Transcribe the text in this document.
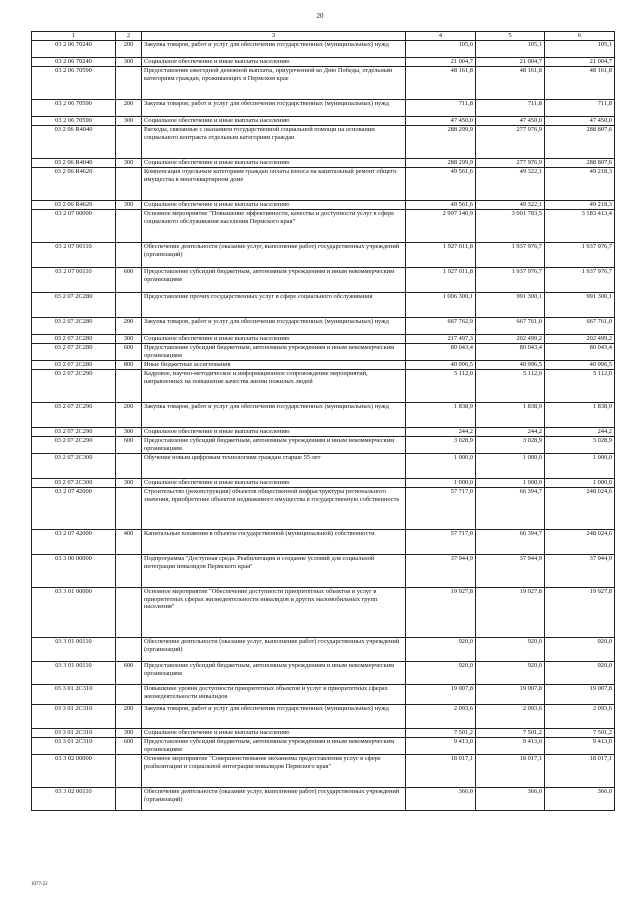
20
1	2	3	4	5	6
03 2 06 70240	200	Закупка товаров, работ и услуг для обеспечения государственных (муниципальных) нужд	105,0	105,1	105,1
03 2 06 70240	300	Социальное обеспечение и иные выплаты населению	21 004,7	21 004,7	21 004,7
03 2 06 70590		Предоставление ежегодной денежной выплаты, приуроченной ко Дню Победы, отдельным категориям граждан, проживающих в Пермском крае	48 161,8	48 161,8	48 161,8
03 2 06 70590	200	Закупка товаров, работ и услуг для обеспечения государственных (муниципальных) нужд	711,8	711,8	711,8
03 2 06 70590	300	Социальное обеспечение и иные выплаты населению	47 450,0	47 450,0	47 450,0
03 2 06 R4040		Расходы, связанные с оказанием государственной социальной помощи на основании социального контракта отдельным категориям граждан	288 299,9	277 976,9	288 807,6
03 2 06 R4040	300	Социальное обеспечение и иные выплаты населению	288 299,9	277 976,9	288 807,6
03 2 06 R4620		Компенсация отдельным категориям граждан оплаты взноса на капитальный ремонт общего имущества в многоквартирном доме	49 561,6	49 322,1	49 218,3
03 2 06 R4620	300	Социальное обеспечение и иные выплаты населению	49 561,6	49 322,1	49 218,3
03 2 07 00000		Основное мероприятие "Повышение эффективности, качества и доступности услуг в сфере социального обслуживания населения Пермского края"	2 997 140,9	3 001 783,5	3 183 413,4
03 2 07 00110		Обеспечение деятельности (оказание услуг, выполнение работ) государственных учреждений (организаций)	1 927 011,8	1 937 976,7	1 937 976,7
03 2 07 00110	600	Предоставление субсидий бюджетным, автономным учреждениям и иным некоммерческим организациям	1 927 011,8	1 937 976,7	1 937 976,7
03 2 07 2С280		Предоставление прочих государственных услуг в сфере социального обслуживания	1 006 300,1	991 300,1	991 300,1
03 2 07 2С280	200	Закупка товаров, работ и услуг для обеспечения государственных (муниципальных) нужд	667 762,9	667 761,0	667 761,0
03 2 07 2С280	300	Социальное обеспечение и иные выплаты населению	217 497,3	202 499,2	202 499,2
03 2 07 2С280	600	Предоставление субсидий бюджетным, автономным учреждениям и иным некоммерческим организациям	80 043,4	80 043,4	80 043,4
03 2 07 2С280	800	Иные бюджетные ассигнования	40 996,5	40 996,5	40 996,5
03 2 07 2С290		Кадровое, научно-методическое и информационное сопровождение мероприятий, направленных на повышение качества жизни пожилых людей	5 112,0	5 112,0	5 112,0
03 2 07 2С290	200	Закупка товаров, работ и услуг для обеспечения государственных (муниципальных) нужд	1 838,9	1 838,9	1 838,9
03 2 07 2С290	300	Социальное обеспечение и иные выплаты населению	244,2	244,2	244,2
03 2 07 2С290	600	Предоставление субсидий бюджетным, автономным учреждениям и иным некоммерческим организациям	3 028,9	3 028,9	3 028,9
03 2 07 2С300		Обучение новым цифровым технологиям граждан старше 55 лет	1 000,0	1 000,0	1 000,0
03 2 07 2С300	300	Социальное обеспечение и иные выплаты населению	1 000,0	1 000,0	1 000,0
03 2 07 42000		Строительство (реконструкция) объектов общественной инфраструктуры регионального значения, приобретение объектов недвижимого имущества в государственную собственность	57 717,0	66 394,7	248 024,6
03 2 07 42000	400	Капитальные вложения в объекты государственной (муниципальной) собственности	57 717,0	66 394,7	248 024,6
03 3 00 00000		Подпрограмма "Доступная среда. Реабилитация и создание условий для социальной интеграции инвалидов Пермского края"	37 944,9	37 944,9	37 944,9
03 3 01 00000		Основное мероприятие "Обеспечение доступности приоритетных объектов и услуг в приоритетных сферах жизнедеятельности инвалидов и других маломобильных групп населения"	19 927,8	19 927,8	19 927,8
03 3 01 00110		Обеспечение деятельности (оказание услуг, выполнение работ) государственных учреждений (организаций)	920,0	920,0	920,0
03 3 01 00110	600	Предоставление субсидий бюджетным, автономным учреждениям и иным некоммерческим организациям	920,0	920,0	920,0
03 3 01 2С310		Повышение уровня доступности приоритетных объектов и услуг в приоритетных сферах жизнедеятельности инвалидов	19 007,8	19 007,8	19 007,8
03 3 01 2С310	200	Закупка товаров, работ и услуг для обеспечения государственных (муниципальных) нужд	2 093,6	2 093,6	2 093,6
03 3 01 2С310	300	Социальное обеспечение и иные выплаты населению	7 501,2	7 501,2	7 501,2
03 3 01 2С310	600	Предоставление субсидий бюджетным, автономным учреждениям и иным некоммерческим организациям	9 413,0	9 413,0	9 413,0
03 3 02 00000		Основное мероприятие "Совершенствование механизма предоставления услуг в сфере реабилитации и социальной интеграции инвалидов Пермского края"	18 017,1	18 017,1	18 017,1
03 3 02 00110		Обеспечение деятельности (оказание услуг, выполнение работ) государственных учреждений (организаций)	366,0	366,0	366,0
1077-22
